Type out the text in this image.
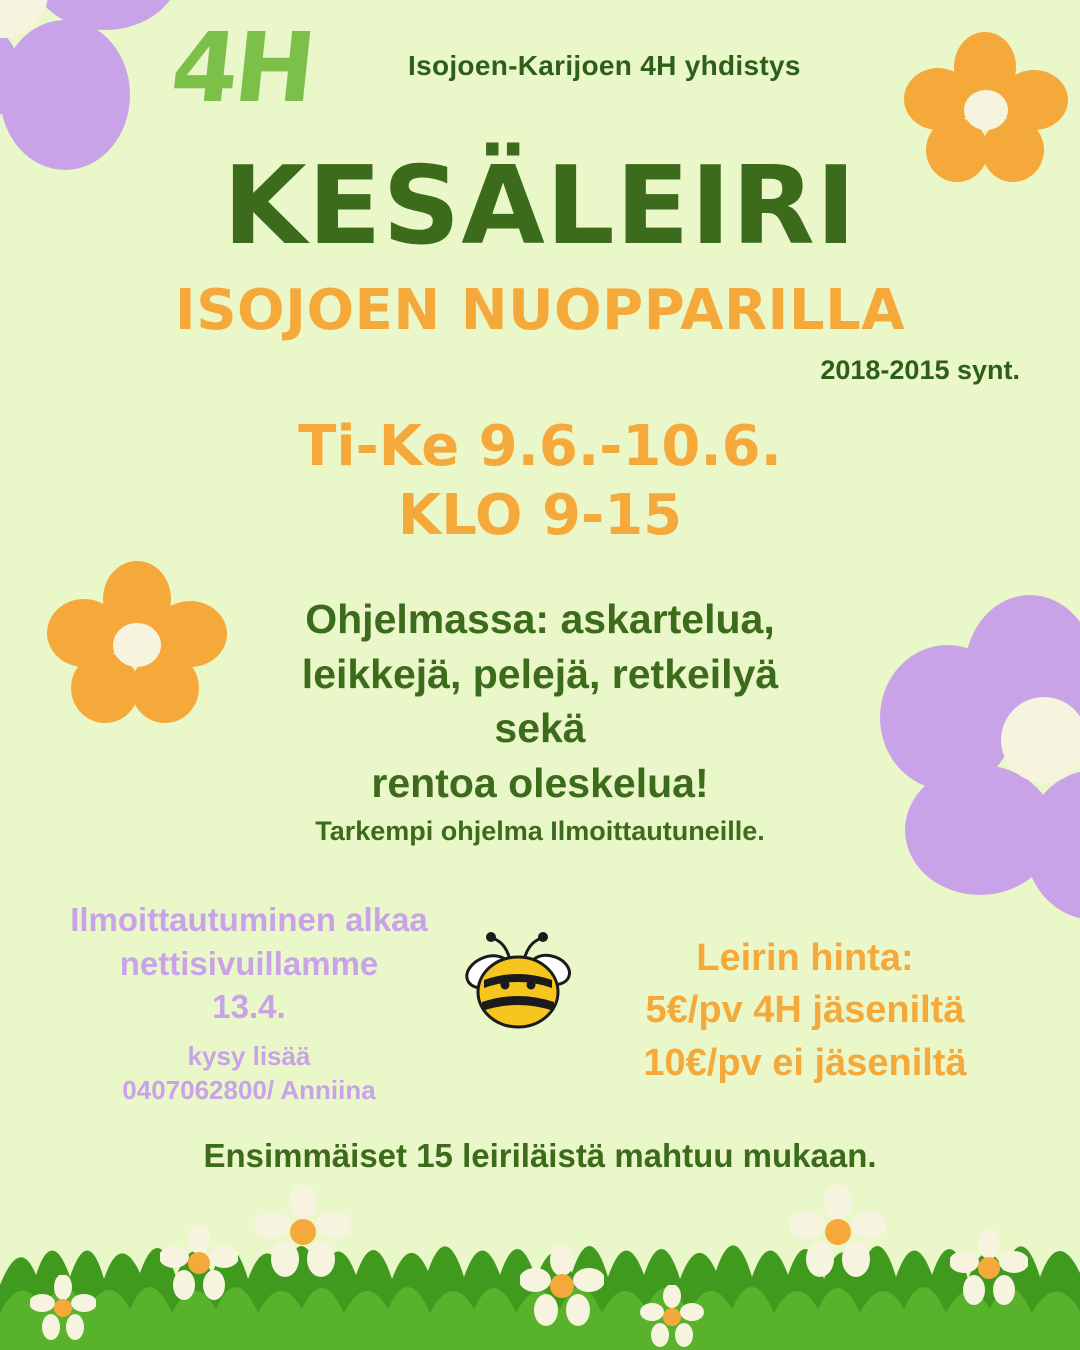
4H	Isojoen-Karijoen 4H yhdistys
KESÄLEIRI
ISOJOEN NUOPPARILLA
2018-2015 synt.
Ti-Ke 9.6.-10.6.
KLO 9-15
Ohjelmassa: askartelua,
leikkejä, pelejä, retkeilyä
sekä
rentoa oleskelua!
Tarkempi ohjelma Ilmoittautuneille.
Ilmoittautuminen alkaa
nettisivuillamme
13.4.
kysy lisää
0407062800/ Anniina
Leirin hinta:
5€/pv 4H jäseniltä
10€/pv ei jäseniltä
Ensimmäiset 15 leiriläistä mahtuu mukaan.
